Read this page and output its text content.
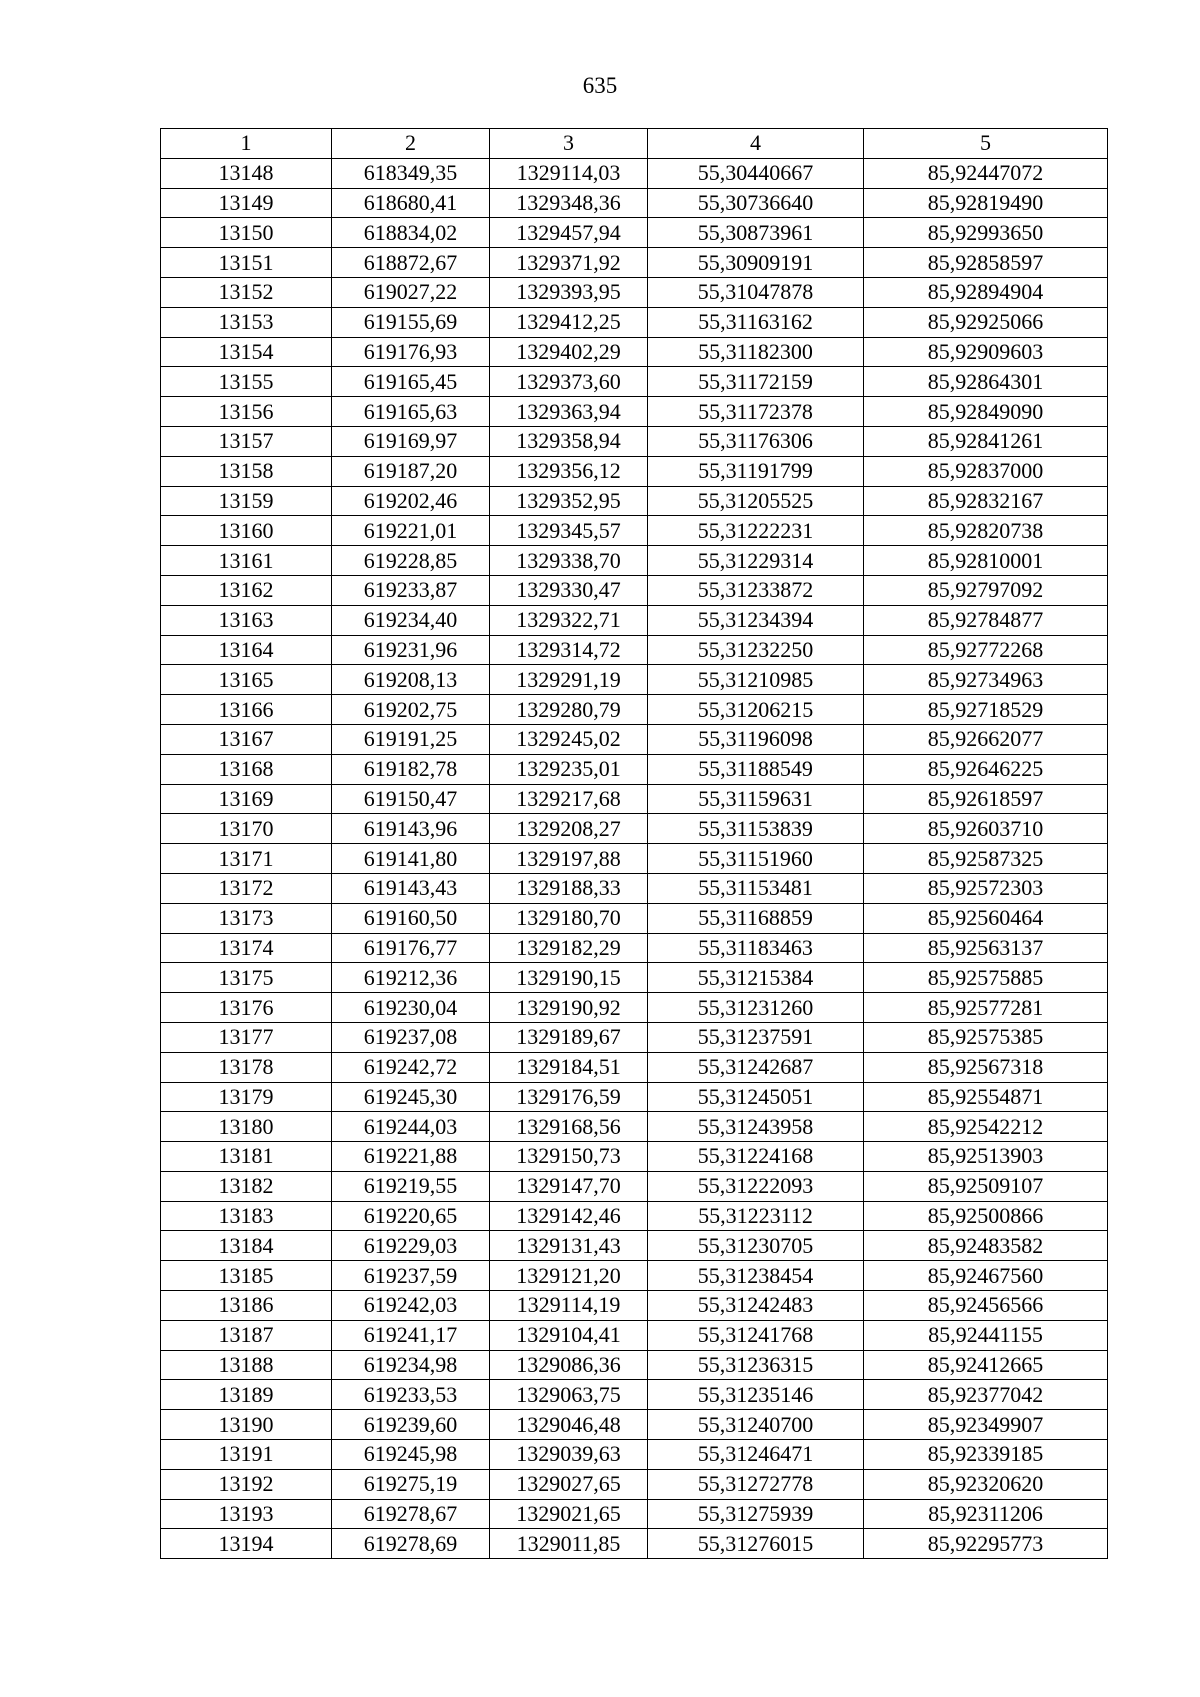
635
1	2	3	4	5
13148	618349,35	1329114,03	55,30440667	85,92447072
13149	618680,41	1329348,36	55,30736640	85,92819490
13150	618834,02	1329457,94	55,30873961	85,92993650
13151	618872,67	1329371,92	55,30909191	85,92858597
13152	619027,22	1329393,95	55,31047878	85,92894904
13153	619155,69	1329412,25	55,31163162	85,92925066
13154	619176,93	1329402,29	55,31182300	85,92909603
13155	619165,45	1329373,60	55,31172159	85,92864301
13156	619165,63	1329363,94	55,31172378	85,92849090
13157	619169,97	1329358,94	55,31176306	85,92841261
13158	619187,20	1329356,12	55,31191799	85,92837000
13159	619202,46	1329352,95	55,31205525	85,92832167
13160	619221,01	1329345,57	55,31222231	85,92820738
13161	619228,85	1329338,70	55,31229314	85,92810001
13162	619233,87	1329330,47	55,31233872	85,92797092
13163	619234,40	1329322,71	55,31234394	85,92784877
13164	619231,96	1329314,72	55,31232250	85,92772268
13165	619208,13	1329291,19	55,31210985	85,92734963
13166	619202,75	1329280,79	55,31206215	85,92718529
13167	619191,25	1329245,02	55,31196098	85,92662077
13168	619182,78	1329235,01	55,31188549	85,92646225
13169	619150,47	1329217,68	55,31159631	85,92618597
13170	619143,96	1329208,27	55,31153839	85,92603710
13171	619141,80	1329197,88	55,31151960	85,92587325
13172	619143,43	1329188,33	55,31153481	85,92572303
13173	619160,50	1329180,70	55,31168859	85,92560464
13174	619176,77	1329182,29	55,31183463	85,92563137
13175	619212,36	1329190,15	55,31215384	85,92575885
13176	619230,04	1329190,92	55,31231260	85,92577281
13177	619237,08	1329189,67	55,31237591	85,92575385
13178	619242,72	1329184,51	55,31242687	85,92567318
13179	619245,30	1329176,59	55,31245051	85,92554871
13180	619244,03	1329168,56	55,31243958	85,92542212
13181	619221,88	1329150,73	55,31224168	85,92513903
13182	619219,55	1329147,70	55,31222093	85,92509107
13183	619220,65	1329142,46	55,31223112	85,92500866
13184	619229,03	1329131,43	55,31230705	85,92483582
13185	619237,59	1329121,20	55,31238454	85,92467560
13186	619242,03	1329114,19	55,31242483	85,92456566
13187	619241,17	1329104,41	55,31241768	85,92441155
13188	619234,98	1329086,36	55,31236315	85,92412665
13189	619233,53	1329063,75	55,31235146	85,92377042
13190	619239,60	1329046,48	55,31240700	85,92349907
13191	619245,98	1329039,63	55,31246471	85,92339185
13192	619275,19	1329027,65	55,31272778	85,92320620
13193	619278,67	1329021,65	55,31275939	85,92311206
13194	619278,69	1329011,85	55,31276015	85,92295773
